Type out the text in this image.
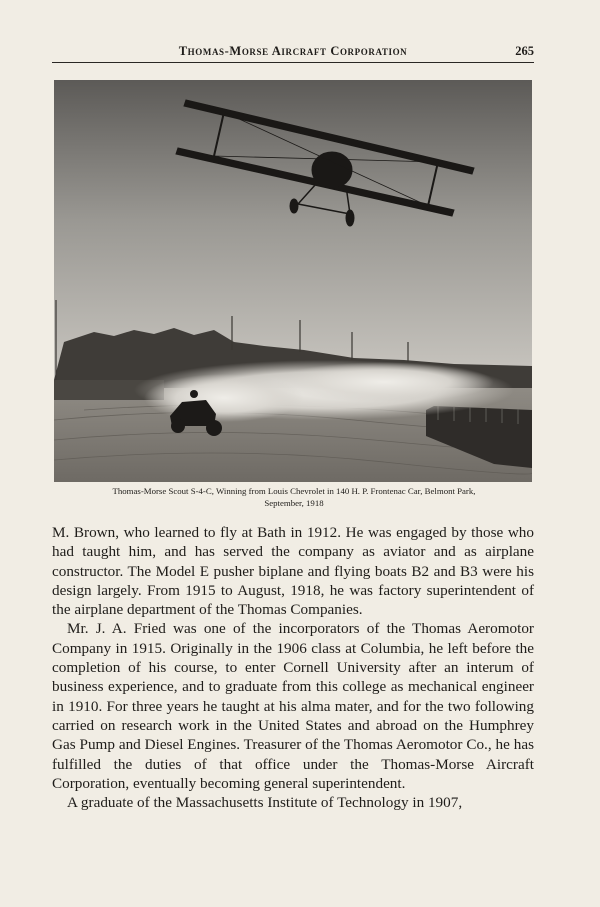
Thomas-Morse Aircraft Corporation	265
Thomas-Morse Scout S-4-C, Winning from Louis Chevrolet in 140 H. P. Frontenac Car, Belmont Park,
September, 1918

M. Brown, who learned to fly at Bath in 1912. He was engaged by those who had taught him, and has served the company as aviator and as airplane constructor. The Model E pusher biplane and flying boats B2 and B3 were his design largely. From 1915 to August, 1918, he was factory superintendent of the airplane department of the Thomas Companies.

Mr. J. A. Fried was one of the incorporators of the Thomas Aeromotor Company in 1915. Originally in the 1906 class at Columbia, he left before the completion of his course, to enter Cornell University after an interum of business experience, and to graduate from this college as mechanical engineer in 1910. For three years he taught at his alma mater, and for the two following carried on research work in the United States and abroad on the Humphrey Gas Pump and Diesel Engines. Treasurer of the Thomas Aeromotor Co., he has fulfilled the duties of that office under the Thomas-Morse Aircraft Corporation, eventually becoming general superintendent.

A graduate of the Massachusetts Institute of Technology in 1907,
